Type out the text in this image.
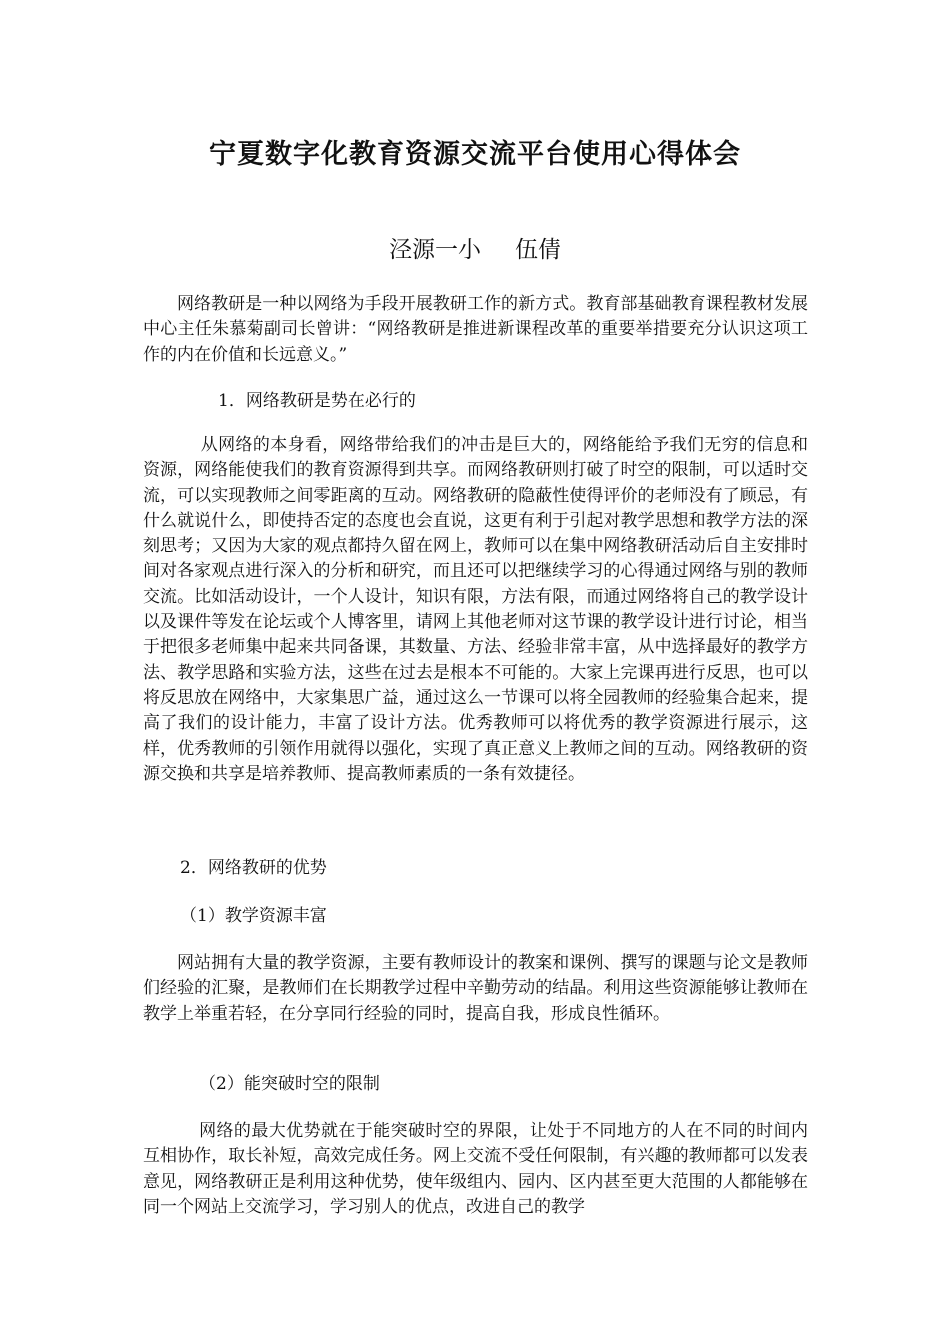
宁夏数字化教育资源交流平台使用心得体会
泾源一小 伍倩

网络教研是一种以网络为手段开展教研工作的新方式。教育部基础教育课程教材发展中心主任朱慕菊副司长曾讲：“网络教研是推进新课程改革的重要举措要充分认识这项工作的内在价值和长远意义。”

1．网络教研是势在必行的

从网络的本身看，网络带给我们的冲击是巨大的，网络能给予我们无穷的信息和资源，网络能使我们的教育资源得到共享。而网络教研则打破了时空的限制，可以适时交流，可以实现教师之间零距离的互动。网络教研的隐蔽性使得评价的老师没有了顾忌，有什么就说什么，即使持否定的态度也会直说，这更有利于引起对教学思想和教学方法的深刻思考；又因为大家的观点都持久留在网上，教师可以在集中网络教研活动后自主安排时间对各家观点进行深入的分析和研究，而且还可以把继续学习的心得通过网络与别的教师交流。比如活动设计，一个人设计，知识有限，方法有限，而通过网络将自己的教学设计以及课件等发在论坛或个人博客里，请网上其他老师对这节课的教学设计进行讨论，相当于把很多老师集中起来共同备课，其数量、方法、经验非常丰富，从中选择最好的教学方法、教学思路和实验方法，这些在过去是根本不可能的。大家上完课再进行反思，也可以将反思放在网络中，大家集思广益，通过这么一节课可以将全园教师的经验集合起来，提高了我们的设计能力，丰富了设计方法。优秀教师可以将优秀的教学资源进行展示，这样，优秀教师的引领作用就得以强化，实现了真正意义上教师之间的互动。网络教研的资源交换和共享是培养教师、提高教师素质的一条有效捷径。

2．网络教研的优势

（1）教学资源丰富

网站拥有大量的教学资源，主要有教师设计的教案和课例、撰写的课题与论文是教师们经验的汇聚，是教师们在长期教学过程中辛勤劳动的结晶。利用这些资源能够让教师在教学上举重若轻，在分享同行经验的同时，提高自我，形成良性循环。

（2）能突破时空的限制

网络的最大优势就在于能突破时空的界限，让处于不同地方的人在不同的时间内互相协作，取长补短，高效完成任务。网上交流不受任何限制，有兴趣的教师都可以发表意见，网络教研正是利用这种优势，使年级组内、园内、区内甚至更大范围的人都能够在同一个网站上交流学习，学习别人的优点，改进自己的教学
